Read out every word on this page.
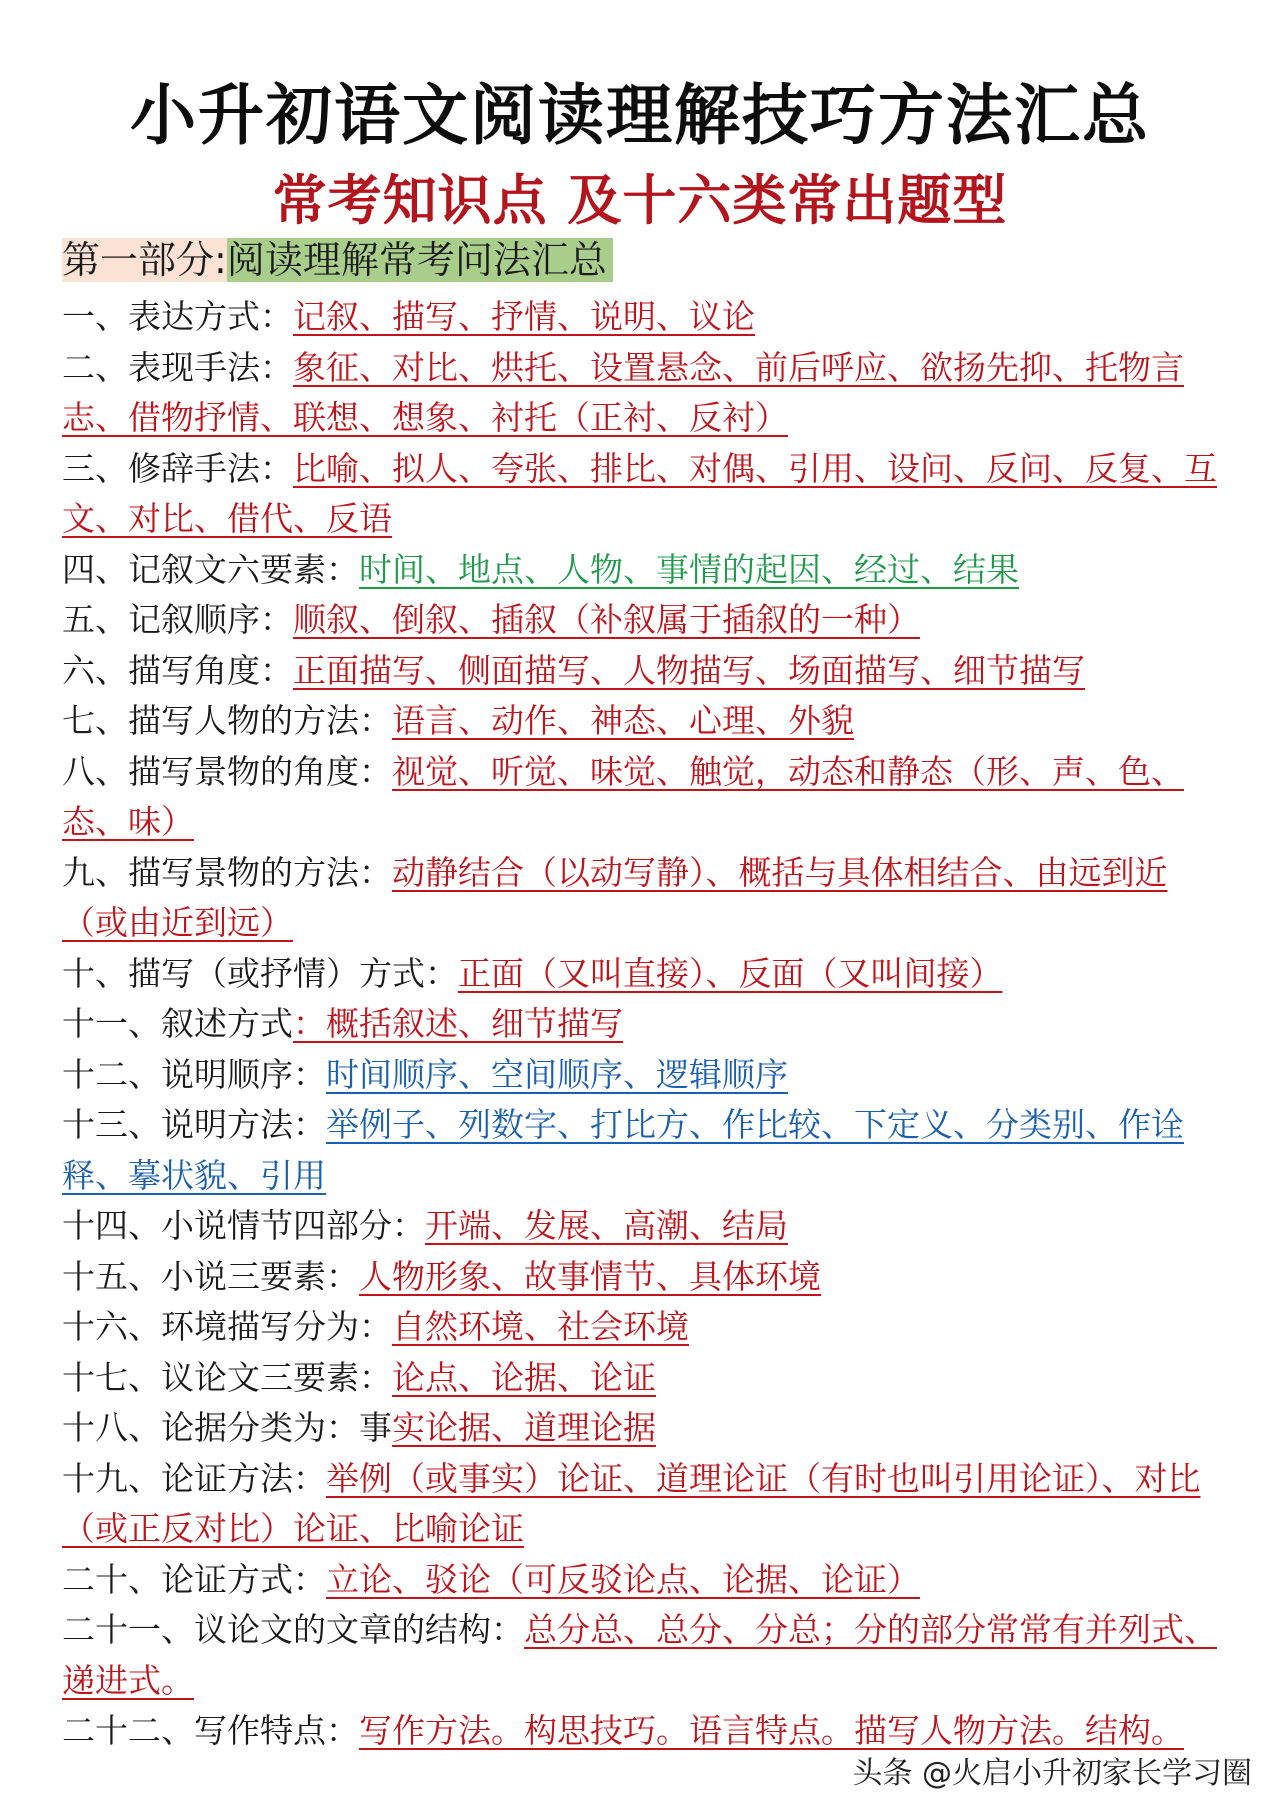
小升初语文阅读理解技巧方法汇总
常考知识点 及十六类常出题型
第一部分:阅读理解常考问法汇总
一、表达方式：记叙、描写、抒情、说明、议论
二、表现手法：象征、对比、烘托、设置悬念、前后呼应、欲扬先抑、托物言志、借物抒情、联想、想象、衬托（正衬、反衬）
三、修辞手法：比喻、拟人、夸张、排比、对偶、引用、设问、反问、反复、互文、对比、借代、反语
四、记叙文六要素：时间、地点、人物、事情的起因、经过、结果
五、记叙顺序：顺叙、倒叙、插叙（补叙属于插叙的一种）
六、描写角度：正面描写、侧面描写、人物描写、场面描写、细节描写
七、描写人物的方法：语言、动作、神态、心理、外貌
八、描写景物的角度：视觉、听觉、味觉、触觉，动态和静态（形、声、色、态、味）
九、描写景物的方法：动静结合（以动写静）、概括与具体相结合、由远到近（或由近到远）
十、描写（或抒情）方式：正面（又叫直接）、反面（又叫间接）
十一、叙述方式：概括叙述、细节描写
十二、说明顺序：时间顺序、空间顺序、逻辑顺序
十三、说明方法：举例子、列数字、打比方、作比较、下定义、分类别、作诠释、摹状貌、引用
十四、小说情节四部分：开端、发展、高潮、结局
十五、小说三要素：人物形象、故事情节、具体环境
十六、环境描写分为：自然环境、社会环境
十七、议论文三要素：论点、论据、论证
十八、论据分类为：事实论据、道理论据
十九、论证方法：举例（或事实）论证、道理论证（有时也叫引用论证）、对比（或正反对比）论证、比喻论证
二十、论证方式：立论、驳论（可反驳论点、论据、论证）
二十一、议论文的文章的结构：总分总、总分、分总；分的部分常常有并列式、递进式。
二十二、写作特点：写作方法。构思技巧。语言特点。描写人物方法。结构。
头条 @火启小升初家长学习圈
